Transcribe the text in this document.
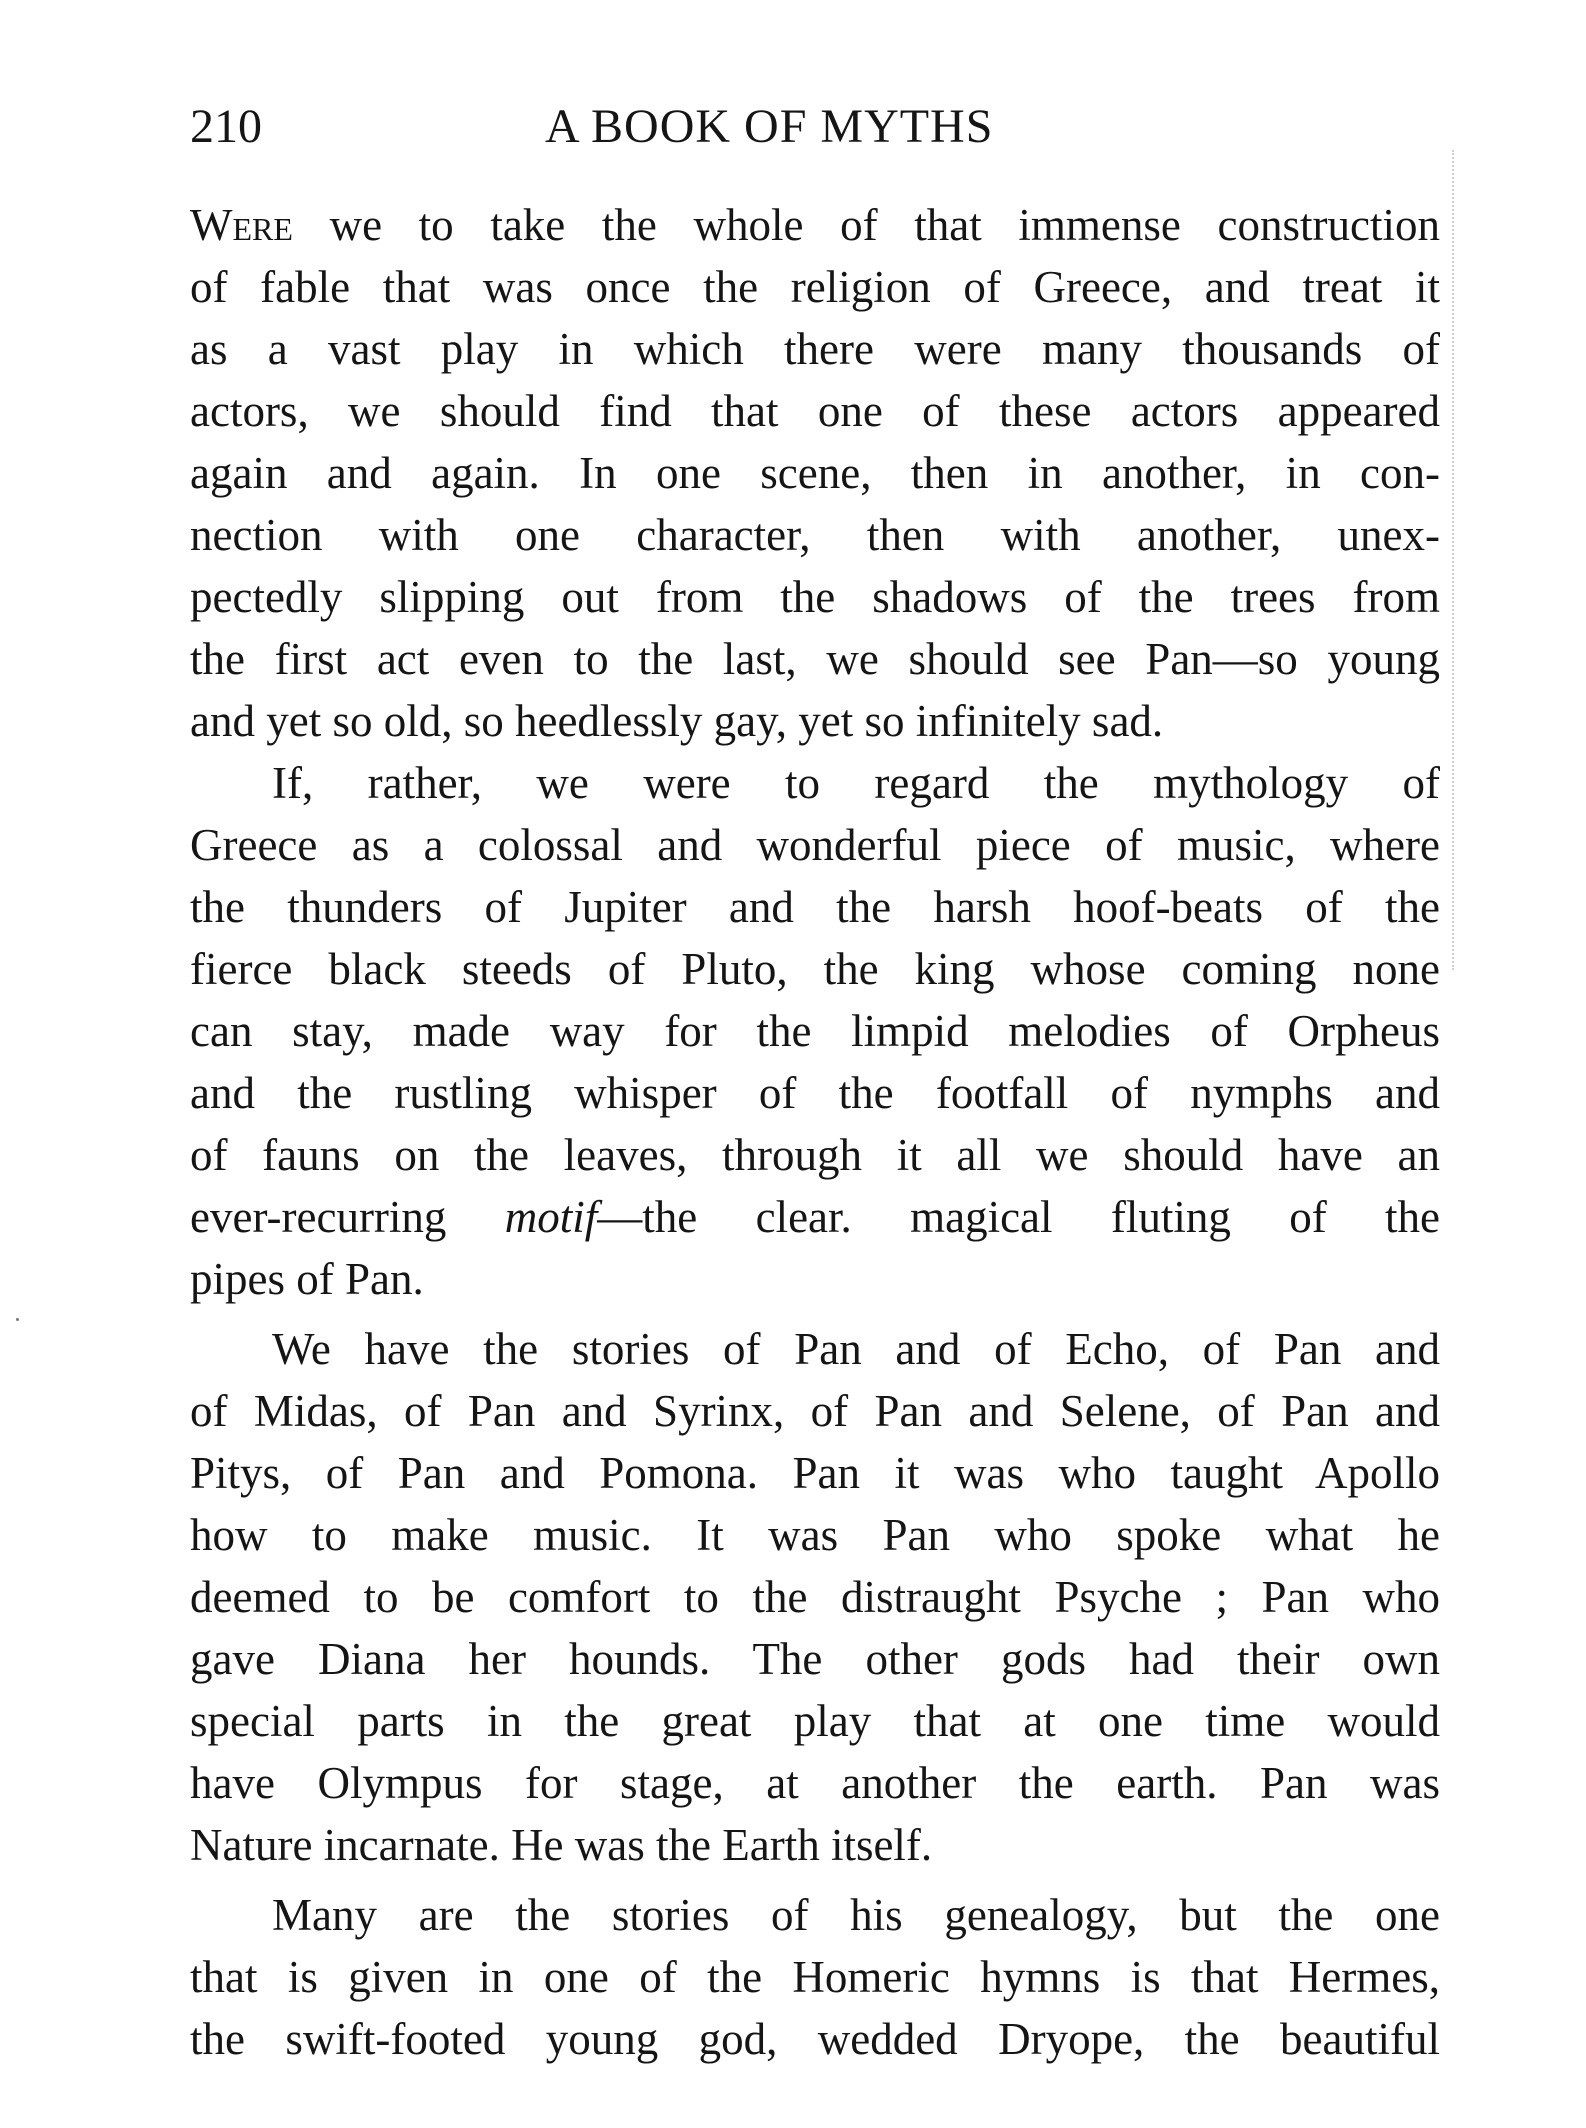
210	A BOOK OF MYTHS
Were we to take the whole of that immense construction
of fable that was once the religion of Greece, and treat it
as a vast play in which there were many thousands of
actors, we should find that one of these actors appeared
again and again. In one scene, then in another, in con-
nection with one character, then with another, unex-
pectedly slipping out from the shadows of the trees from
the first act even to the last, we should see Pan—so young
and yet so old, so heedlessly gay, yet so infinitely sad.
If, rather, we were to regard the mythology of
Greece as a colossal and wonderful piece of music, where
the thunders of Jupiter and the harsh hoof-beats of the
fierce black steeds of Pluto, the king whose coming none
can stay, made way for the limpid melodies of Orpheus
and the rustling whisper of the footfall of nymphs and
of fauns on the leaves, through it all we should have an
ever-recurring motif—the clear. magical fluting of the
pipes of Pan.
We have the stories of Pan and of Echo, of Pan and
of Midas, of Pan and Syrinx, of Pan and Selene, of Pan and
Pitys, of Pan and Pomona. Pan it was who taught Apollo
how to make music. It was Pan who spoke what he
deemed to be comfort to the distraught Psyche ; Pan who
gave Diana her hounds. The other gods had their own
special parts in the great play that at one time would
have Olympus for stage, at another the earth. Pan was
Nature incarnate. He was the Earth itself.
Many are the stories of his genealogy, but the one
that is given in one of the Homeric hymns is that Hermes,
the swift-footed young god, wedded Dryope, the beautiful
